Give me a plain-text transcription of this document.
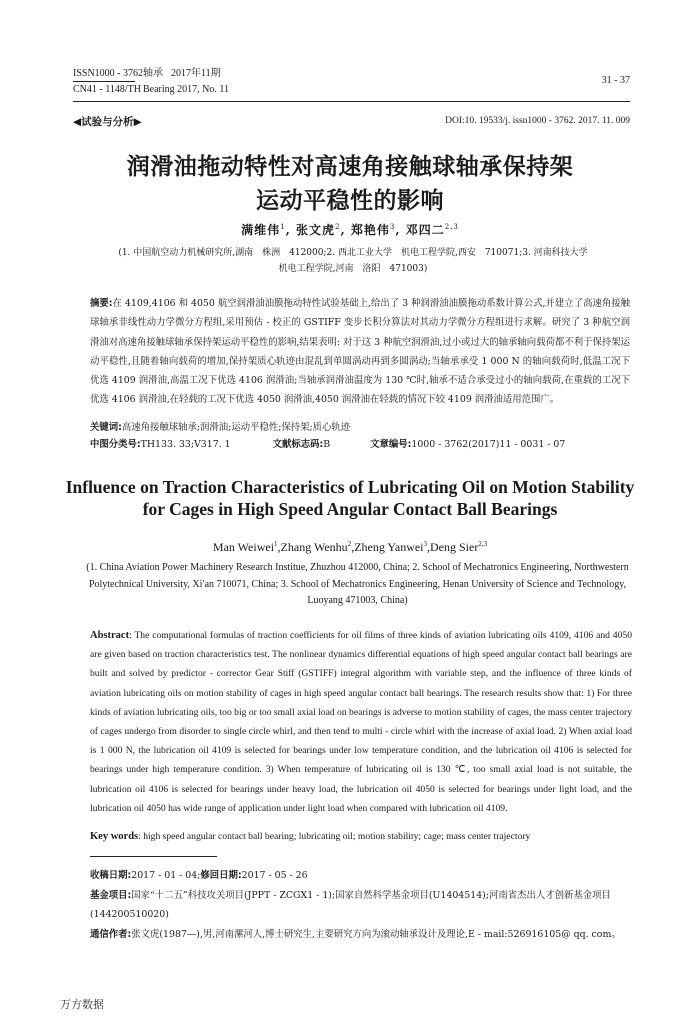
ISSN1000 - 3762轴承 2017年11期
CN41 - 1148/TH Bearing 2017, No. 11
31 - 37
◀试验与分析▶	DOI:10. 19533/j. issn1000 - 3762. 2017. 11. 009
润滑油拖动特性对高速角接触球轴承保持架
运动平稳性的影响
满维伟$^1$, 张文虎$^2$, 郑艳伟$^3$, 邓四二$^{2,3}$
(1. 中国航空动力机械研究所,湖南　株洲　412000;2. 西北工业大学　机电工程学院,西安　710071;3. 河南科技大学
机电工程学院,河南　洛阳　471003)
摘要:在 4109,4106 和 4050 航空润滑油油膜拖动特性试验基础上,给出了 3 种润滑油油膜拖动系数计算公式,并建立了高速角接触球轴承非线性动力学微分方程组,采用预估 - 校正的 GSTIFF 变步长积分算法对其动力学微分方程组进行求解。研究了 3 种航空润滑油对高速角接触球轴承保持架运动平稳性的影响,结果表明: 对于这 3 种航空润滑油,过小或过大的轴承轴向载荷都不利于保持架运动平稳性,且随着轴向载荷的增加,保持架质心轨迹由混乱到单圆涡动再到多圆涡动;当轴承承受 1 000 N 的轴向载荷时,低温工况下优选 4109 润滑油,高温工况下优选 4106 润滑油;当轴承润滑油温度为 130 ℃时,轴承不适合承受过小的轴向载荷,在重载的工况下优选 4106 润滑油,在轻载的工况下优选 4050 润滑油,4050 润滑油在轻载的情况下较 4109 润滑油适用范围广。
关键词:高速角接触球轴承;润滑油;运动平稳性;保持架;质心轨迹
中图分类号:TH133. 33;V317. 1	文献标志码:B	文章编号:1000 - 3762(2017)11 - 0031 - 07
Influence on Traction Characteristics of Lubricating Oil on Motion Stability
for Cages in High Speed Angular Contact Ball Bearings
Man Weiwei$^1$,Zhang Wenhu$^2$,Zheng Yanwei$^3$,Deng Sier$^{2,3}$
(1. China Aviation Power Machinery Research Institue, Zhuzhou 412000, China; 2. School of Mechatronics Engineering, Northwestern Polytechnical University, Xi′an 710071, China; 3. School of Mechatronics Engineering, Henan University of Science and Technology, Luoyang 471003, China)
Abstract: The computational formulas of traction coefficients for oil films of three kinds of aviation lubricating oils 4109, 4106 and 4050 are given based on traction characteristics test. The nonlinear dynamics differential equations of high speed angular contact ball bearings are built and solved by predictor - corrector Gear Stiff (GSTIFF) integral algorithm with variable step, and the influence of three kinds of aviation lubricating oils on motion stability of cages in high speed angular contact ball bearings. The research results show that: 1) For three kinds of aviation lubricating oils, too big or too small axial load on bearings is adverse to motion stability of cages, the mass center trajectory of cages undergo from disorder to single circle whirl, and then tend to multi - circle whirl with the increase of axial load. 2) When axial load is 1 000 N, the lubrication oil 4109 is selected for bearings under low temperature condition, and the lubrication oil 4106 is selected for bearings under high temperature condition. 3) When temperature of lubricating oil is 130 ℃, too small axial load is not suitable, the lubrication oil 4106 is selected for bearings under heavy load, the lubrication oil 4050 is selected for bearings under light load, and the lubrication oil 4050 has wide range of application under light load when compared with lubrication oil 4109.
Key words: high speed angular contact ball bearing; lubricating oil; motion stability; cage; mass center trajectory
收稿日期:2017 - 01 - 04;修回日期:2017 - 05 - 26
基金项目:国家“十二五”科技攻关项目(JPPT - ZCGX1 - 1);国家自然科学基金项目(U1404514);河南省杰出人才创新基金项目(144200510020)
通信作者:张文虎(1987—),男,河南漯河人,博士研究生,主要研究方向为滚动轴承设计及理论,E - mail:526916105@ qq. com。
万方数据
